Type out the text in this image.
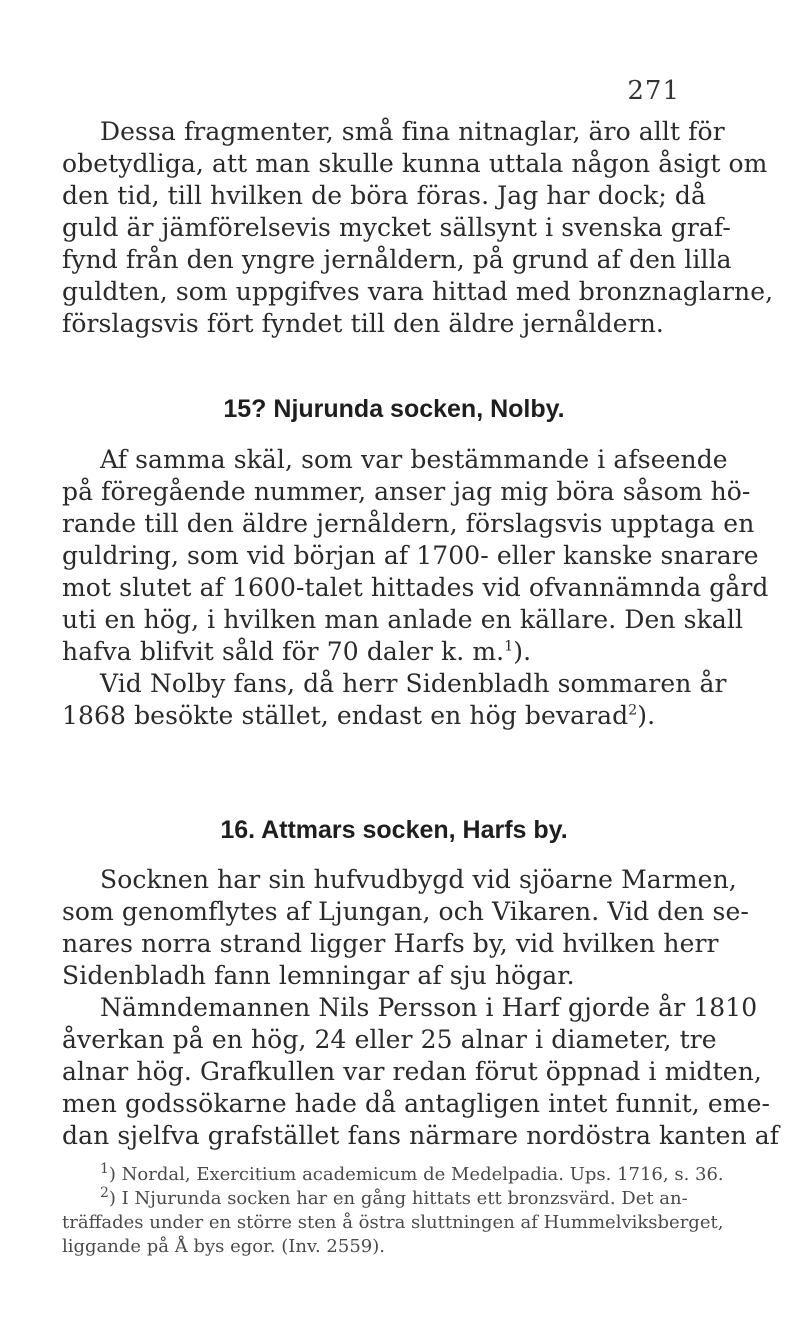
271
Dessa fragmenter, små fina nitnaglar, äro allt för
obetydliga, att man skulle kunna uttala någon åsigt om
den tid, till hvilken de böra föras. Jag har dock; då
guld är jämförelsevis mycket sällsynt i svenska graf-
fynd från den yngre jernåldern, på grund af den lilla
guldten, som uppgifves vara hittad med bronznaglarne,
förslagsvis fört fyndet till den äldre jernåldern.
15? Njurunda socken, Nolby.
Af samma skäl, som var bestämmande i afseende
på föregående nummer, anser jag mig böra såsom hö-
rande till den äldre jernåldern, förslagsvis upptaga en
guldring, som vid början af 1700- eller kanske snarare
mot slutet af 1600-talet hittades vid ofvannämnda gård
uti en hög, i hvilken man anlade en källare. Den skall
hafva blifvit såld för 70 daler k. m.$^1$).
Vid Nolby fans, då herr Sidenbladh sommaren år
1868 besökte stället, endast en hög bevarad$^2$).
16. Attmars socken, Harfs by.
Socknen har sin hufvudbygd vid sjöarne Marmen,
som genomflytes af Ljungan, och Vikaren. Vid den se-
nares norra strand ligger Harfs by, vid hvilken herr
Sidenbladh fann lemningar af sju högar.
Nämndemannen Nils Persson i Harf gjorde år 1810
åverkan på en hög, 24 eller 25 alnar i diameter, tre
alnar hög. Grafkullen var redan förut öppnad i midten,
men godssökarne hade då antagligen intet funnit, eme-
dan sjelfva grafstället fans närmare nordöstra kanten af
$^1$) Nordal, Exercitium academicum de Medelpadia. Ups. 1716, s. 36.
$^2$) I Njurunda socken har en gång hittats ett bronzsvärd. Det an-
träffades under en större sten å östra sluttningen af Hummelviksberget,
liggande på Å bys egor. (Inv. 2559).
